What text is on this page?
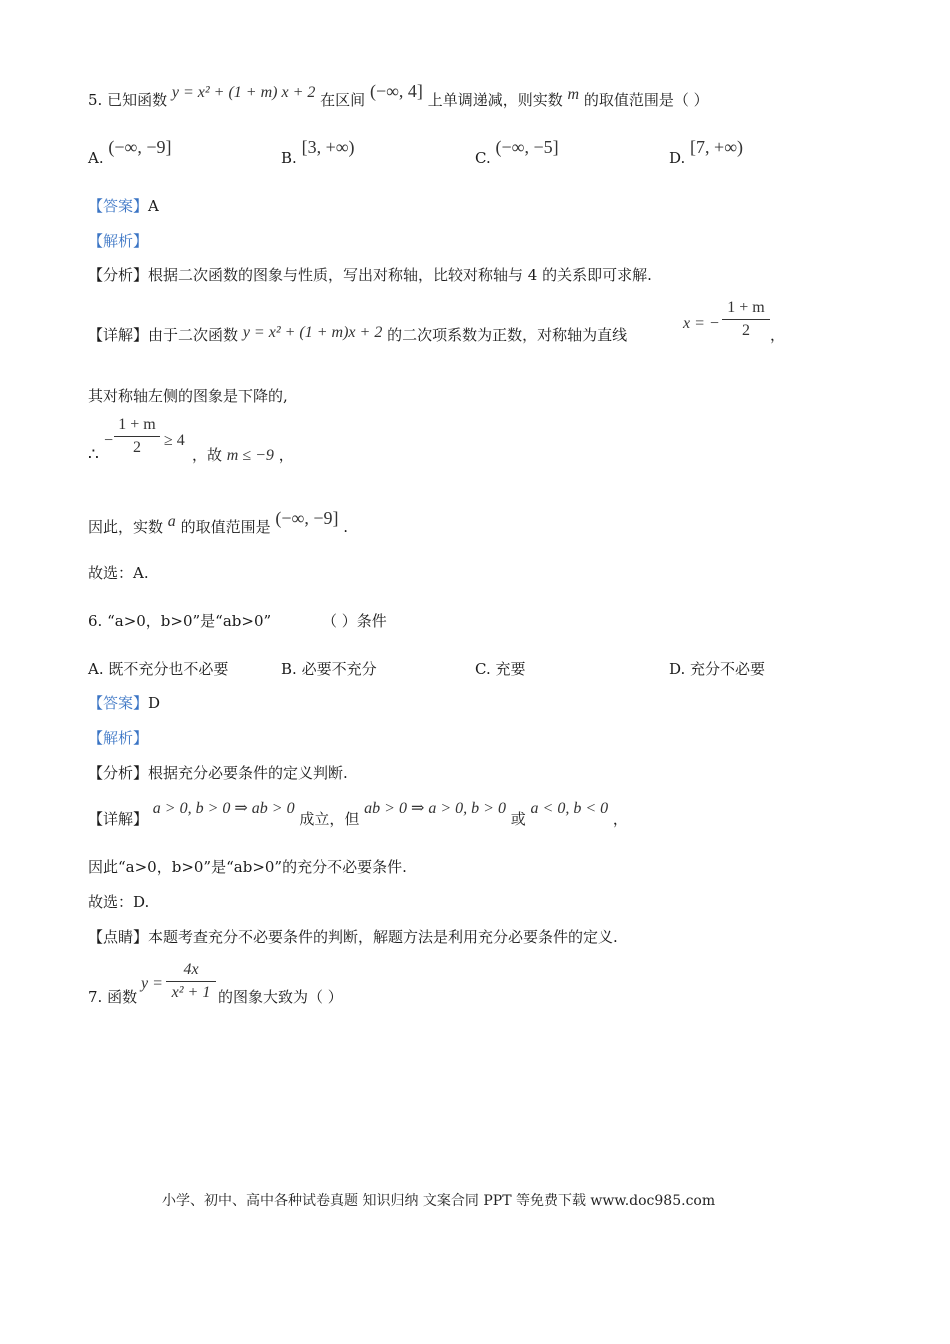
5. 已知函数 y = x² + (1 + m) x + 2 在区间 (−∞, 4] 上单调递减，则实数 m 的取值范围是（ ）
A. (−∞, −9]
B. [3, +∞)
C. (−∞, −5]
D. [7, +∞)
【答案】A
【解析】
【分析】根据二次函数的图象与性质，写出对称轴，比较对称轴与 4 的关系即可求解.
【详解】由于二次函数 y = x² + (1 + m)x + 2 的二次项系数为正数，对称轴为直线
x = −
1 + m
2	，
其对称轴左侧的图象是下降的,
∴
−
1 + m
2	≥ 4
，故 m ≤ −9 ，
因此，实数 a 的取值范围是 (−∞, −9] .
故选：A.
6. “a>0，b>0”是“ab>0”	（ ）条件
A. 既不充分也不必要	B. 必要不充分	C. 充要	D. 充分不必要
【答案】D
【解析】
【分析】根据充分必要条件的定义判断.
【详解】 a > 0, b > 0 ⇒ ab > 0 成立，但 ab > 0 ⇒ a > 0, b > 0 或 a < 0, b < 0 ，
因此“a>0，b>0”是“ab>0”的充分不必要条件.
故选：D.
【点睛】本题考查充分不必要条件的判断，解题方法是利用充分必要条件的定义.
7. 函数
y =
4x
x² + 1 的图象大致为（ ）
小学、初中、高中各种试卷真题 知识归纳 文案合同 PPT 等免费下载 www.doc985.com
